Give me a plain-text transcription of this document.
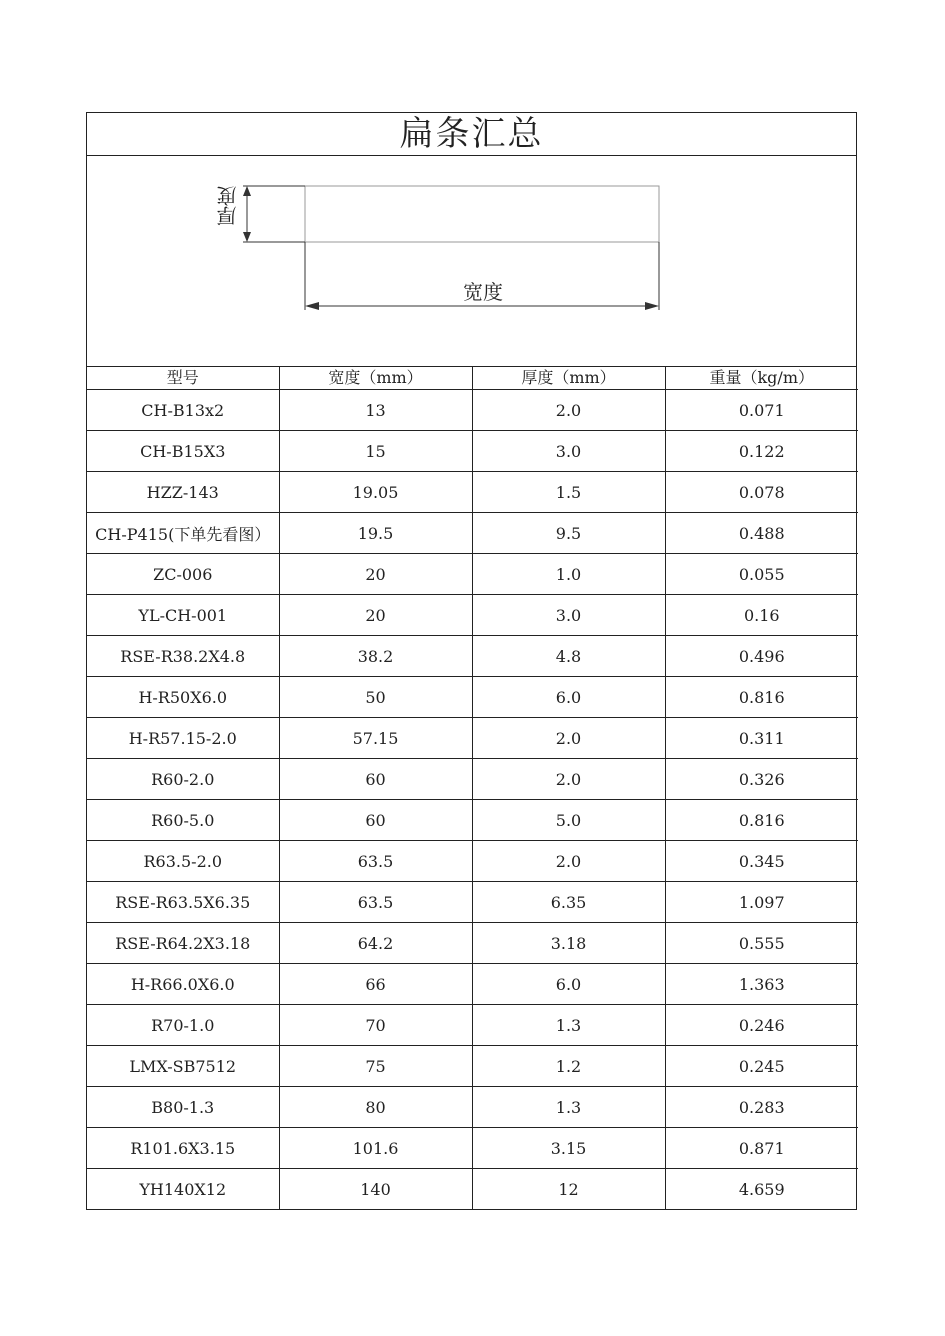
扁条汇总
厚度
宽度
型号	宽度（mm）	厚度（mm）	重量（kg/m）
CH-B13x2	13	2.0	0.071
CH-B15X3	15	3.0	0.122
HZZ-143	19.05	1.5	0.078
CH-P415(下单先看图）	19.5	9.5	0.488
ZC-006	20	1.0	0.055
YL-CH-001	20	3.0	0.16
RSE-R38.2X4.8	38.2	4.8	0.496
H-R50X6.0	50	6.0	0.816
H-R57.15-2.0	57.15	2.0	0.311
R60-2.0	60	2.0	0.326
R60-5.0	60	5.0	0.816
R63.5-2.0	63.5	2.0	0.345
RSE-R63.5X6.35	63.5	6.35	1.097
RSE-R64.2X3.18	64.2	3.18	0.555
H-R66.0X6.0	66	6.0	1.363
R70-1.0	70	1.3	0.246
LMX-SB7512	75	1.2	0.245
B80-1.3	80	1.3	0.283
R101.6X3.15	101.6	3.15	0.871
YH140X12	140	12	4.659
